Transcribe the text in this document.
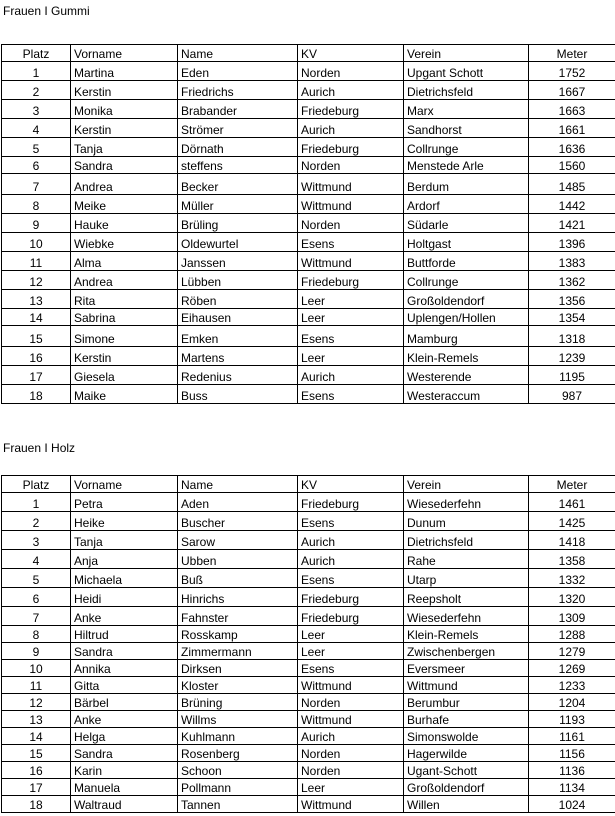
Frauen I Gummi
Platz	Vorname	Name	KV	Verein	Meter
1	Martina	Eden	Norden	Upgant Schott	1752
2	Kerstin	Friedrichs	Aurich	Dietrichsfeld	1667
3	Monika	Brabander	Friedeburg	Marx	1663
4	Kerstin	Strömer	Aurich	Sandhorst	1661
5	Tanja	Dörnath	Friedeburg	Collrunge	1636
6	Sandra	steffens	Norden	Menstede Arle	1560
7	Andrea	Becker	Wittmund	Berdum	1485
8	Meike	Müller	Wittmund	Ardorf	1442
9	Hauke	Brüling	Norden	Südarle	1421
10	Wiebke	Oldewurtel	Esens	Holtgast	1396
11	Alma	Janssen	Wittmund	Buttforde	1383
12	Andrea	Lübben	Friedeburg	Collrunge	1362
13	Rita	Röben	Leer	Großoldendorf	1356
14	Sabrina	Eihausen	Leer	Uplengen/Hollen	1354
15	Simone	Emken	Esens	Mamburg	1318
16	Kerstin	Martens	Leer	Klein-Remels	1239
17	Giesela	Redenius	Aurich	Westerende	1195
18	Maike	Buss	Esens	Westeraccum	987
Frauen I Holz
Platz	Vorname	Name	KV	Verein	Meter
1	Petra	Aden	Friedeburg	Wiesederfehn	1461
2	Heike	Buscher	Esens	Dunum	1425
3	Tanja	Sarow	Aurich	Dietrichsfeld	1418
4	Anja	Ubben	Aurich	Rahe	1358
5	Michaela	Buß	Esens	Utarp	1332
6	Heidi	Hinrichs	Friedeburg	Reepsholt	1320
7	Anke	Fahnster	Friedeburg	Wiesederfehn	1309
8	Hiltrud	Rosskamp	Leer	Klein-Remels	1288
9	Sandra	Zimmermann	Leer	Zwischenbergen	1279
10	Annika	Dirksen	Esens	Eversmeer	1269
11	Gitta	Kloster	Wittmund	Wittmund	1233
12	Bärbel	Brüning	Norden	Berumbur	1204
13	Anke	Willms	Wittmund	Burhafe	1193
14	Helga	Kuhlmann	Aurich	Simonswolde	1161
15	Sandra	Rosenberg	Norden	Hagerwilde	1156
16	Karin	Schoon	Norden	Ugant-Schott	1136
17	Manuela	Pollmann	Leer	Großoldendorf	1134
18	Waltraud	Tannen	Wittmund	Willen	1024
